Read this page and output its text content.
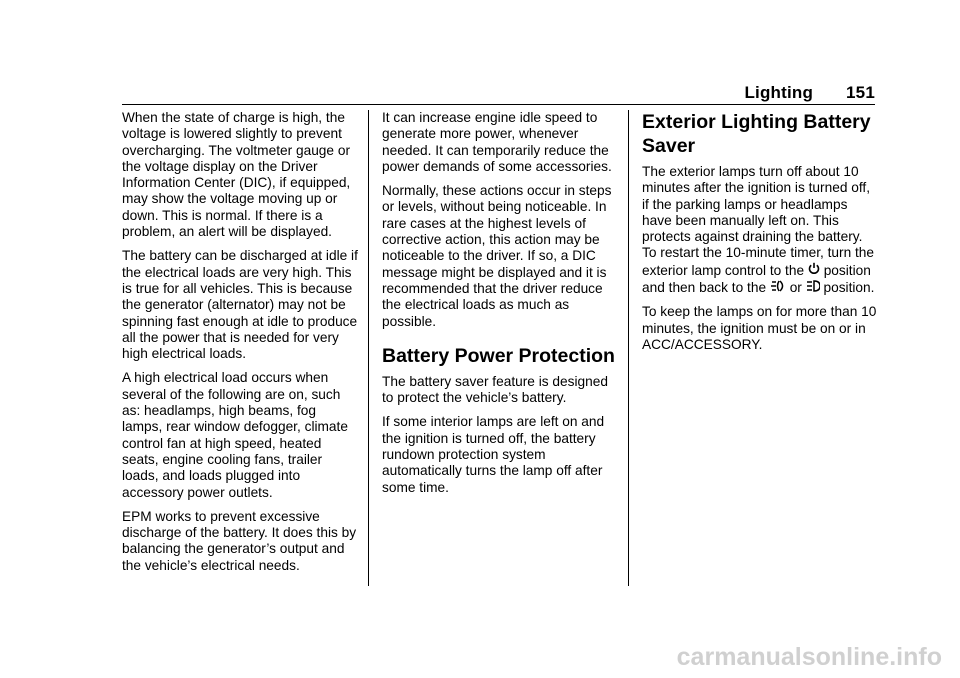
Lighting 151

When the state of charge is high, the voltage is lowered slightly to prevent overcharging. The voltmeter gauge or the voltage display on the Driver Information Center (DIC), if equipped, may show the voltage moving up or down. This is normal. If there is a problem, an alert will be displayed.

The battery can be discharged at idle if the electrical loads are very high. This is true for all vehicles. This is because the generator (alternator) may not be spinning fast enough at idle to produce all the power that is needed for very high electrical loads.

A high electrical load occurs when several of the following are on, such as: headlamps, high beams, fog lamps, rear window defogger, climate control fan at high speed, heated seats, engine cooling fans, trailer loads, and loads plugged into accessory power outlets.

EPM works to prevent excessive discharge of the battery. It does this by balancing the generator’s output and the vehicle’s electrical needs.

It can increase engine idle speed to generate more power, whenever needed. It can temporarily reduce the power demands of some accessories.

Normally, these actions occur in steps or levels, without being noticeable. In rare cases at the highest levels of corrective action, this action may be noticeable to the driver. If so, a DIC message might be displayed and it is recommended that the driver reduce the electrical loads as much as possible.

Battery Power Protection

The battery saver feature is designed to protect the vehicle’s battery.

If some interior lamps are left on and the ignition is turned off, the battery rundown protection system automatically turns the lamp off after some time.

Exterior Lighting Battery Saver

The exterior lamps turn off about 10 minutes after the ignition is turned off, if the parking lamps or headlamps have been manually left on. This protects against draining the battery. To restart the 10-minute timer, turn the exterior lamp control to the position and then back to the or position.

To keep the lamps on for more than 10 minutes, the ignition must be on or in ACC/ACCESSORY.

carmanualsonline.info
